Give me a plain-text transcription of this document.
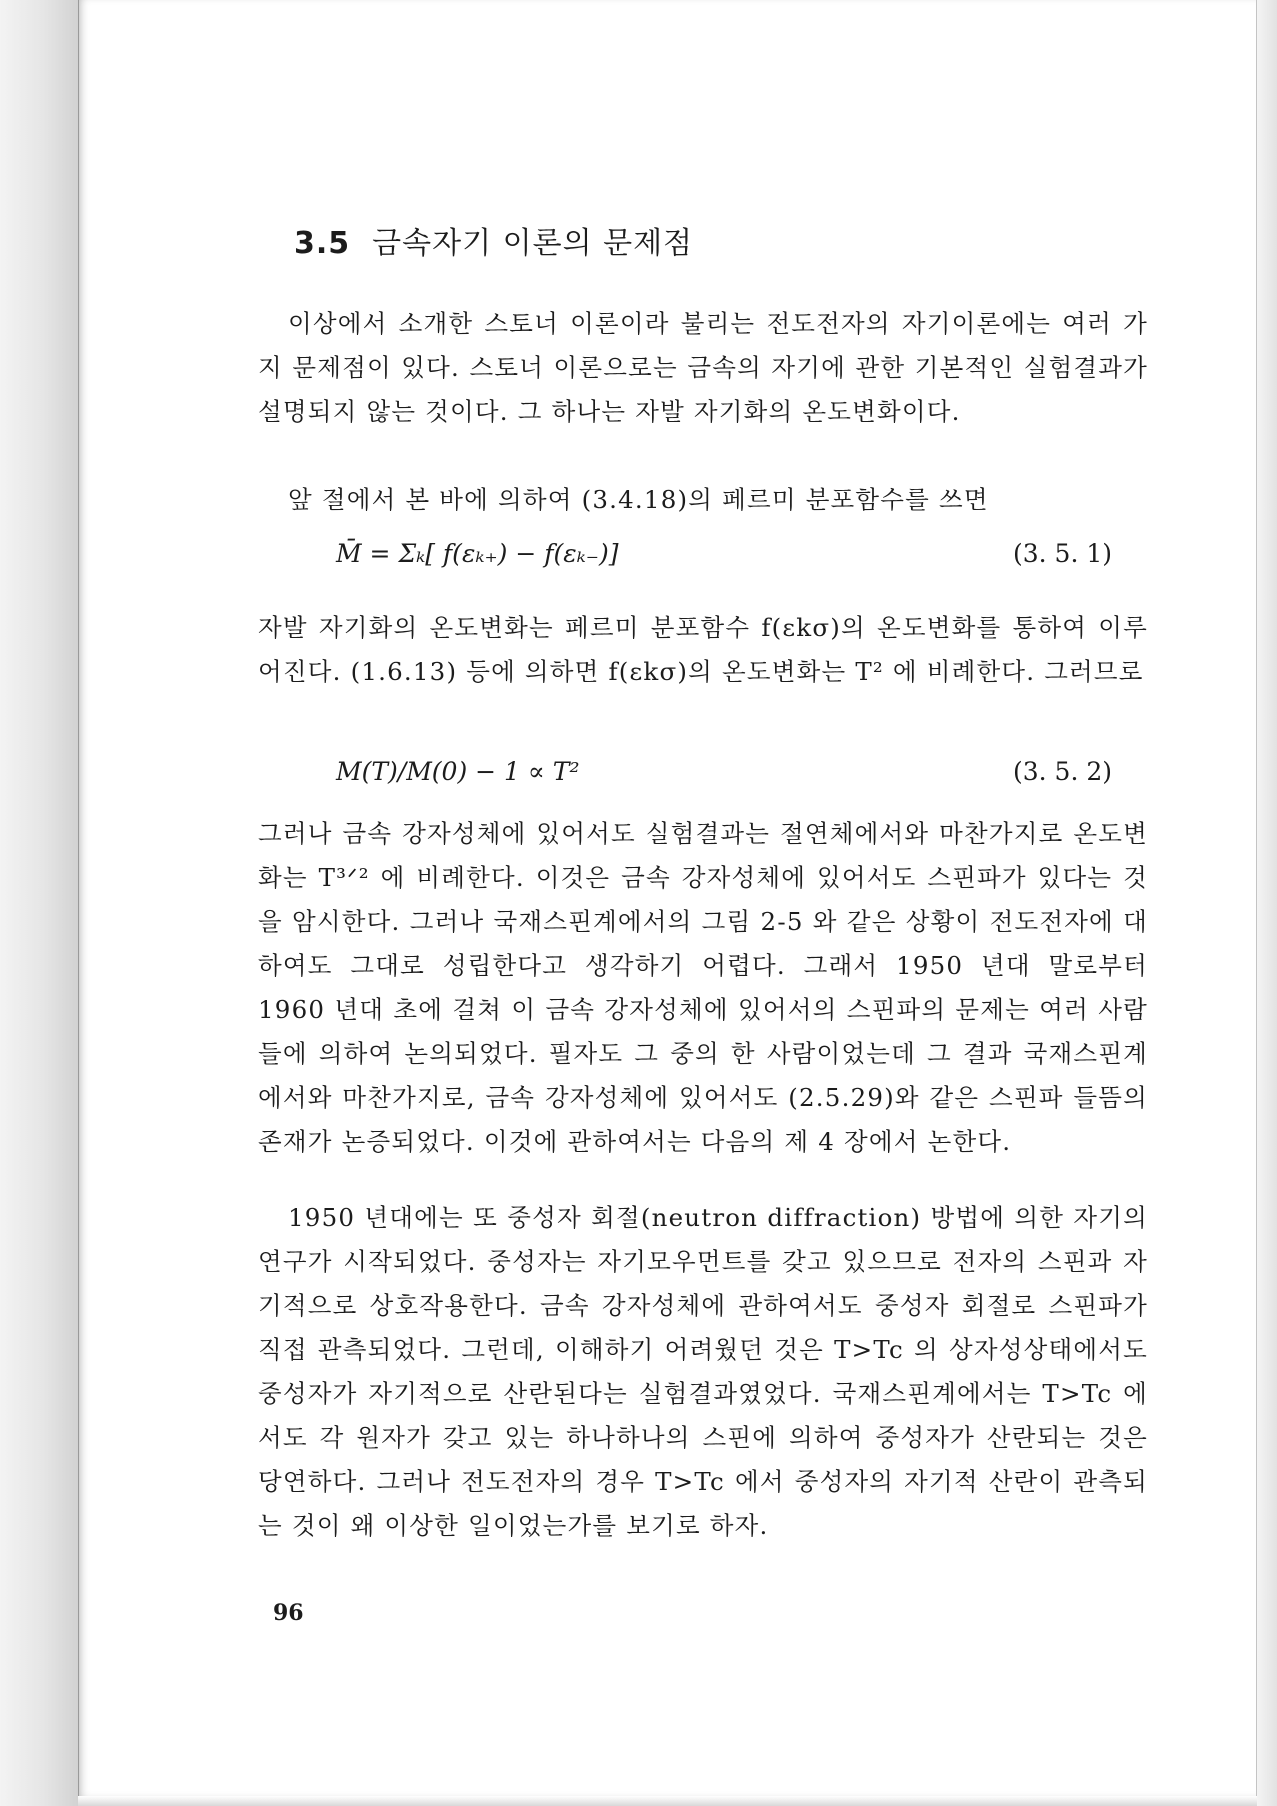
3.5 금속자기 이론의 문제점

이상에서 소개한 스토너 이론이라 불리는 전도전자의 자기이론에는 여러 가지 문제점이 있다. 스토너 이론으로는 금속의 자기에 관한 기본적인 실험결과가 설명되지 않는 것이다. 그 하나는 자발 자기화의 온도변화이다.

앞 절에서 본 바에 의하여 (3.4.18)의 페르미 분포함수를 쓰면

M̄ = Σₖ[ f(εₖ₊) − f(εₖ₋)]	(3. 5. 1)

자발 자기화의 온도변화는 페르미 분포함수 f(εkσ)의 온도변화를 통하여 이루어진다. (1.6.13) 등에 의하면 f(εkσ)의 온도변화는 T² 에 비례한다. 그러므로

M(T)/M(0) − 1 ∝ T²	(3. 5. 2)

그러나 금속 강자성체에 있어서도 실험결과는 절연체에서와 마찬가지로 온도변화는 T³ᐟ² 에 비례한다. 이것은 금속 강자성체에 있어서도 스핀파가 있다는 것을 암시한다. 그러나 국재스핀계에서의 그림 2-5 와 같은 상황이 전도전자에 대하여도 그대로 성립한다고 생각하기 어렵다. 그래서 1950 년대 말로부터 1960 년대 초에 걸쳐 이 금속 강자성체에 있어서의 스핀파의 문제는 여러 사람들에 의하여 논의되었다. 필자도 그 중의 한 사람이었는데 그 결과 국재스핀계에서와 마찬가지로, 금속 강자성체에 있어서도 (2.5.29)와 같은 스핀파 들뜸의 존재가 논증되었다. 이것에 관하여서는 다음의 제 4 장에서 논한다.

1950 년대에는 또 중성자 회절(neutron diffraction) 방법에 의한 자기의 연구가 시작되었다. 중성자는 자기모우먼트를 갖고 있으므로 전자의 스핀과 자기적으로 상호작용한다. 금속 강자성체에 관하여서도 중성자 회절로 스핀파가 직접 관측되었다. 그런데, 이해하기 어려웠던 것은 T>Tc 의 상자성상태에서도 중성자가 자기적으로 산란된다는 실험결과였었다. 국재스핀계에서는 T>Tc 에서도 각 원자가 갖고 있는 하나하나의 스핀에 의하여 중성자가 산란되는 것은 당연하다. 그러나 전도전자의 경우 T>Tc 에서 중성자의 자기적 산란이 관측되는 것이 왜 이상한 일이었는가를 보기로 하자.

96
